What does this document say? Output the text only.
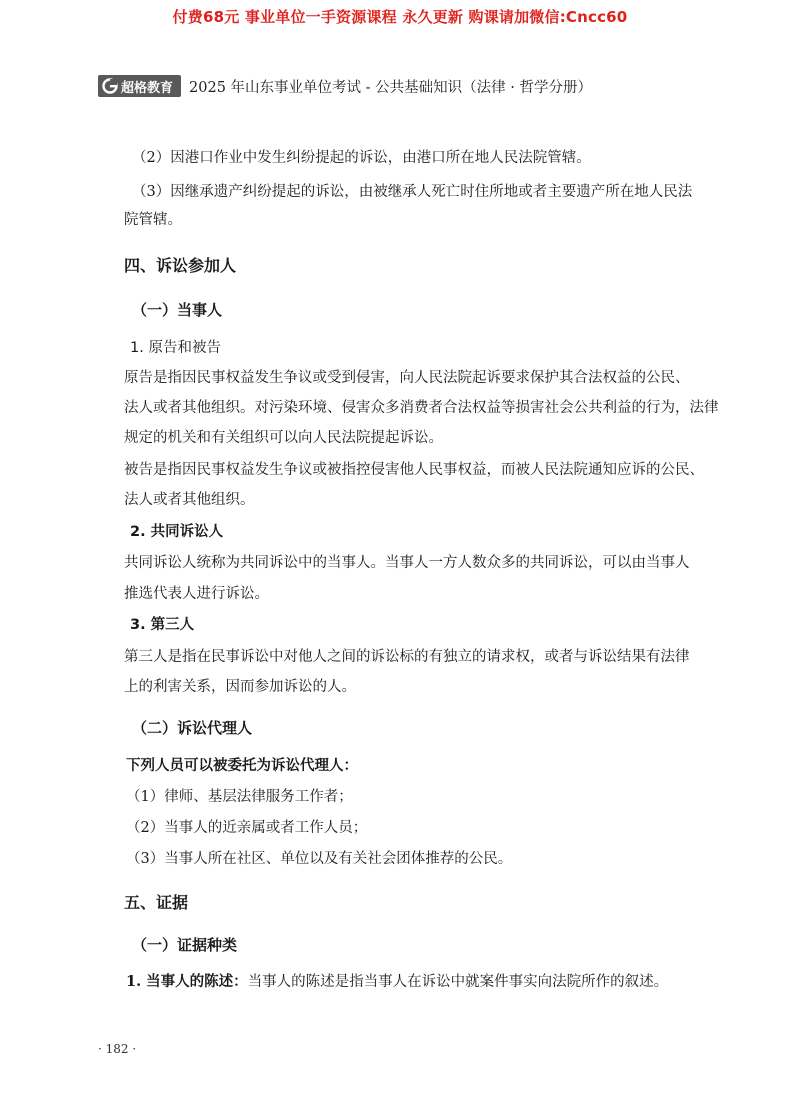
付费68元 事业单位一手资源课程 永久更新 购课请加微信:Cncc60
超格教育 2025 年山东事业单位考试 - 公共基础知识（法律 · 哲学分册）
（2）因港口作业中发生纠纷提起的诉讼，由港口所在地人民法院管辖。
（3）因继承遗产纠纷提起的诉讼，由被继承人死亡时住所地或者主要遗产所在地人民法
院管辖。
四、诉讼参加人
（一）当事人
1. 原告和被告
原告是指因民事权益发生争议或受到侵害，向人民法院起诉要求保护其合法权益的公民、
法人或者其他组织。对污染环境、侵害众多消费者合法权益等损害社会公共利益的行为，法律
规定的机关和有关组织可以向人民法院提起诉讼。
被告是指因民事权益发生争议或被指控侵害他人民事权益，而被人民法院通知应诉的公民、
法人或者其他组织。
2. 共同诉讼人
共同诉讼人统称为共同诉讼中的当事人。当事人一方人数众多的共同诉讼，可以由当事人
推选代表人进行诉讼。
3. 第三人
第三人是指在民事诉讼中对他人之间的诉讼标的有独立的请求权，或者与诉讼结果有法律
上的利害关系，因而参加诉讼的人。
（二）诉讼代理人
下列人员可以被委托为诉讼代理人：
（1）律师、基层法律服务工作者；
（2）当事人的近亲属或者工作人员；
（3）当事人所在社区、单位以及有关社会团体推荐的公民。
五、证据
（一）证据种类
1. 当事人的陈述：当事人的陈述是指当事人在诉讼中就案件事实向法院所作的叙述。
· 182 ·
